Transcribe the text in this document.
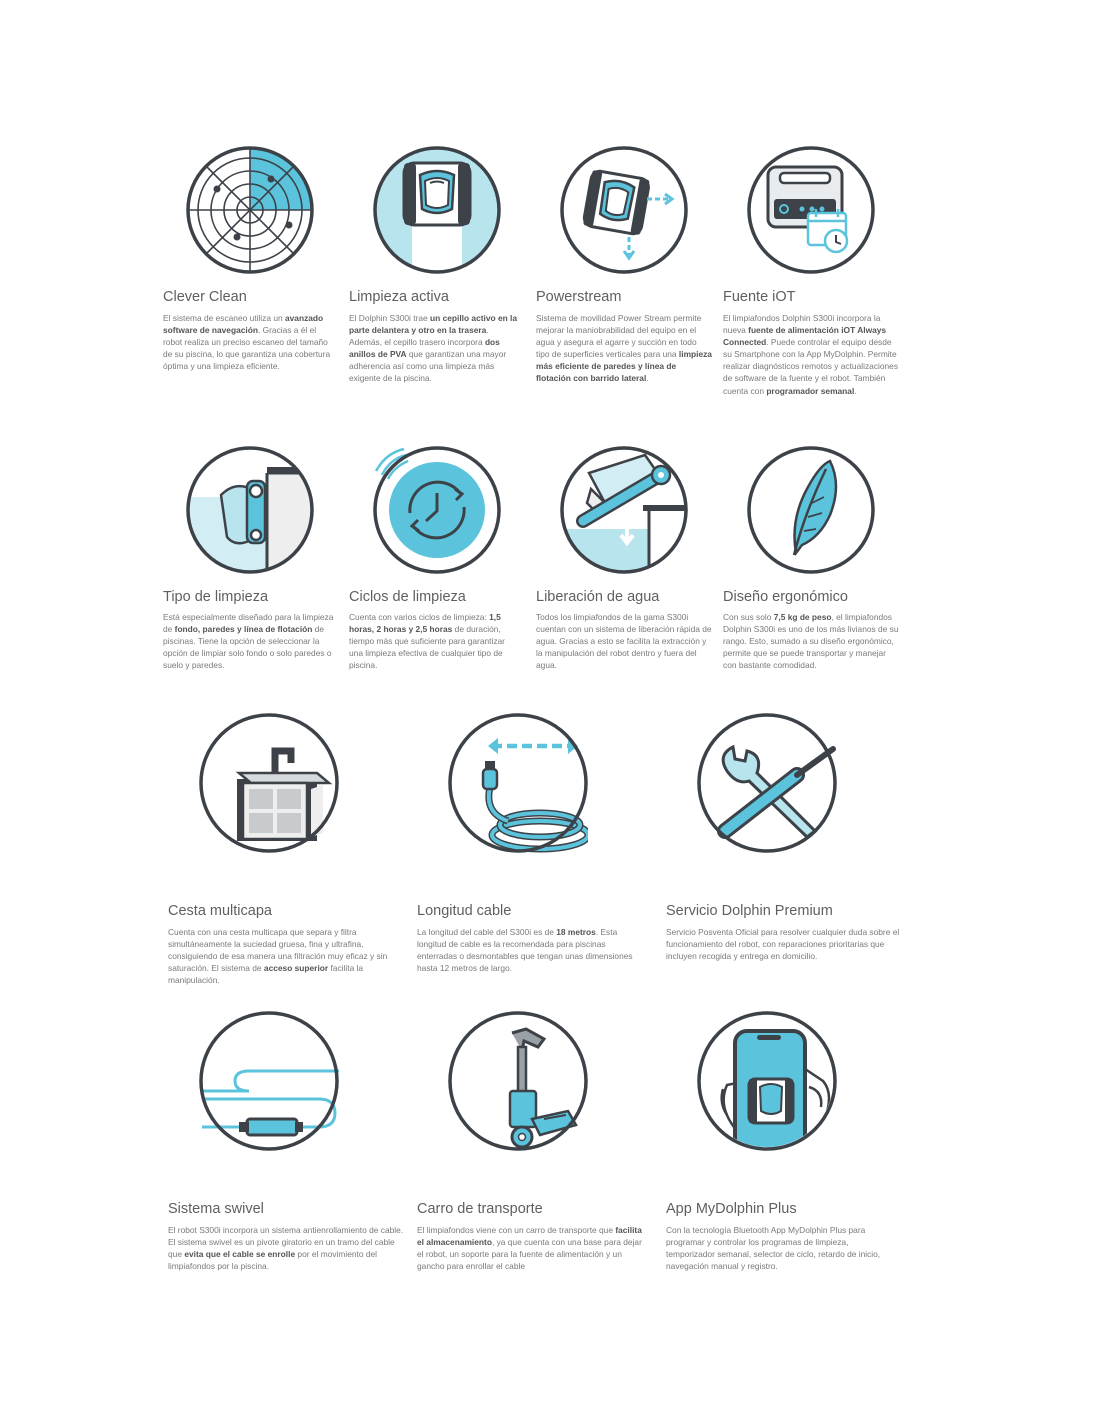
Clever Clean

El sistema de escaneo utiliza un avanzado software de navegación. Gracias a él el robot realiza un preciso escaneo del tamaño de su piscina, lo que garantiza una cobertura óptima y una limpieza eficiente.

Limpieza activa

El Dolphin S300i trae un cepillo activo en la parte delantera y otro en la trasera. Además, el cepillo trasero incorpora dos anillos de PVA que garantizan una mayor adherencia así como una limpieza más exigente de la piscina.

Powerstream

Sistema de movilidad Power Stream permite mejorar la maniobrabilidad del equipo en el agua y asegura el agarre y succión en todo tipo de superficies verticales para una limpieza más eficiente de paredes y línea de flotación con barrido lateral.

Fuente iOT

El limpiafondos Dolphin S300i incorpora la nueva fuente de alimentación iOT Always Connected. Puede controlar el equipo desde su Smartphone con la App MyDolphin. Permite realizar diagnósticos remotos y actualizaciones de software de la fuente y el robot. También cuenta con programador semanal.

Tipo de limpieza

Está especialmente diseñado para la limpieza de fondo, paredes y línea de flotación de piscinas. Tiene la opción de seleccionar la opción de limpiar solo fondo o solo paredes o suelo y paredes.

Ciclos de limpieza

Cuenta con varios ciclos de limpieza: 1,5 horas, 2 horas y 2,5 horas de duración, tiempo más que suficiente para garantizar una limpieza efectiva de cualquier tipo de piscina.

Liberación de agua

Todos los limpiafondos de la gama S300i cuentan con un sistema de liberación rápida de agua. Gracias a esto se facilita la extracción y la manipulación del robot dentro y fuera del agua.

Diseño ergonómico

Con sus solo 7,5 kg de peso, el limpiafondos Dolphin S300i es uno de los más livianos de su rango. Esto, sumado a su diseño ergonómico, permite que se puede transportar y manejar con bastante comodidad.

Cesta multicapa

Cuenta con una cesta multicapa que separa y filtra simultáneamente la suciedad gruesa, fina y ultrafina, consiguiendo de esa manera una filtración muy eficaz y sin saturación. El sistema de acceso superior facilita la manipulación.

Longitud cable

La longitud del cable del S300i es de 18 metros. Esta longitud de cable es la recomendada para piscinas enterradas o desmontables que tengan unas dimensiones hasta 12 metros de largo.

Servicio Dolphin Premium

Servicio Posventa Oficial para resolver cualquier duda sobre el funcionamiento del robot, con reparaciones prioritarias que incluyen recogida y entrega en domicilio.

Sistema swivel

El robot S300i incorpora un sistema antienrollamiento de cable. El sistema swivel es un pivote giratorio en un tramo del cable que evita que el cable se enrolle por el movimiento del limpiafondos por la piscina.

Carro de transporte

El limpiafondos viene con un carro de transporte que facilita el almacenamiento, ya que cuenta con una base para dejar el robot, un soporte para la fuente de alimentación y un gancho para enrollar el cable

App MyDolphin Plus

Con la tecnología Bluetooth App MyDolphin Plus para programar y controlar los programas de limpieza, temporizador semanal, selector de ciclo, retardo de inicio, navegación manual y registro.
